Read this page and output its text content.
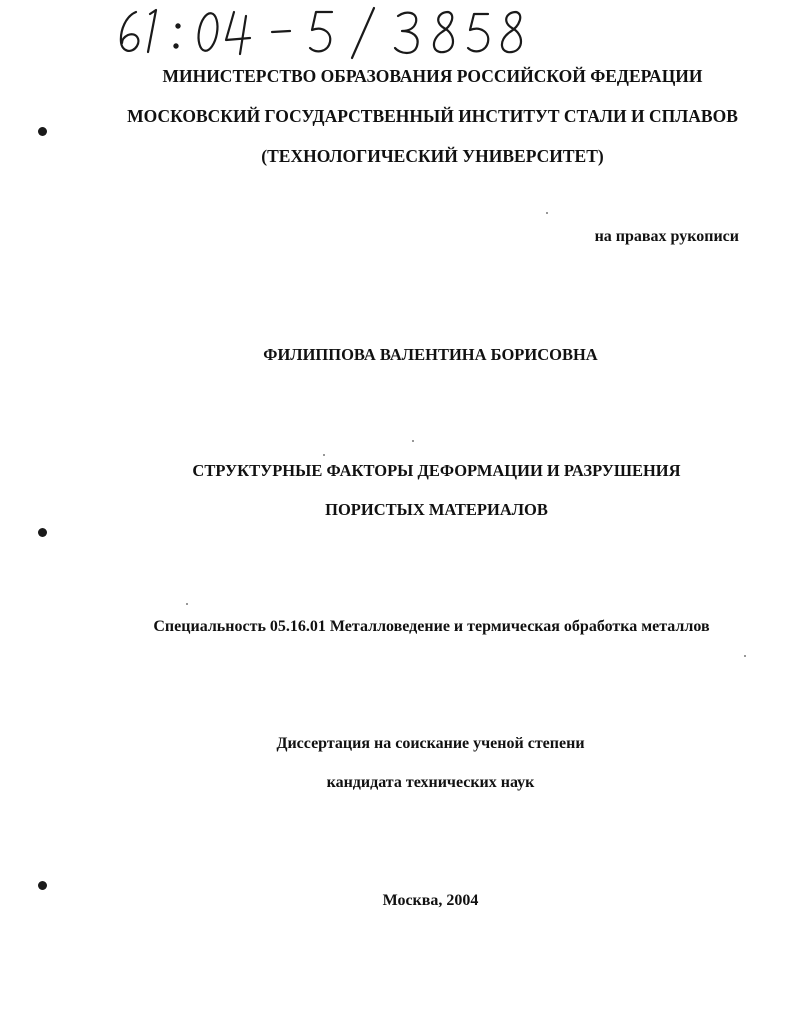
МИНИСТЕРСТВО ОБРАЗОВАНИЯ РОССИЙСКОЙ ФЕДЕРАЦИИ
МОСКОВСКИЙ ГОСУДАРСТВЕННЫЙ ИНСТИТУТ СТАЛИ И СПЛАВОВ
(ТЕХНОЛОГИЧЕСКИЙ УНИВЕРСИТЕТ)
на правах рукописи
ФИЛИППОВА ВАЛЕНТИНА БОРИСОВНА
СТРУКТУРНЫЕ ФАКТОРЫ ДЕФОРМАЦИИ И РАЗРУШЕНИЯ
ПОРИСТЫХ МАТЕРИАЛОВ
Специальность 05.16.01 Металловедение и термическая обработка металлов
Диссертация на соискание ученой степени
кандидата технических наук
Москва, 2004
